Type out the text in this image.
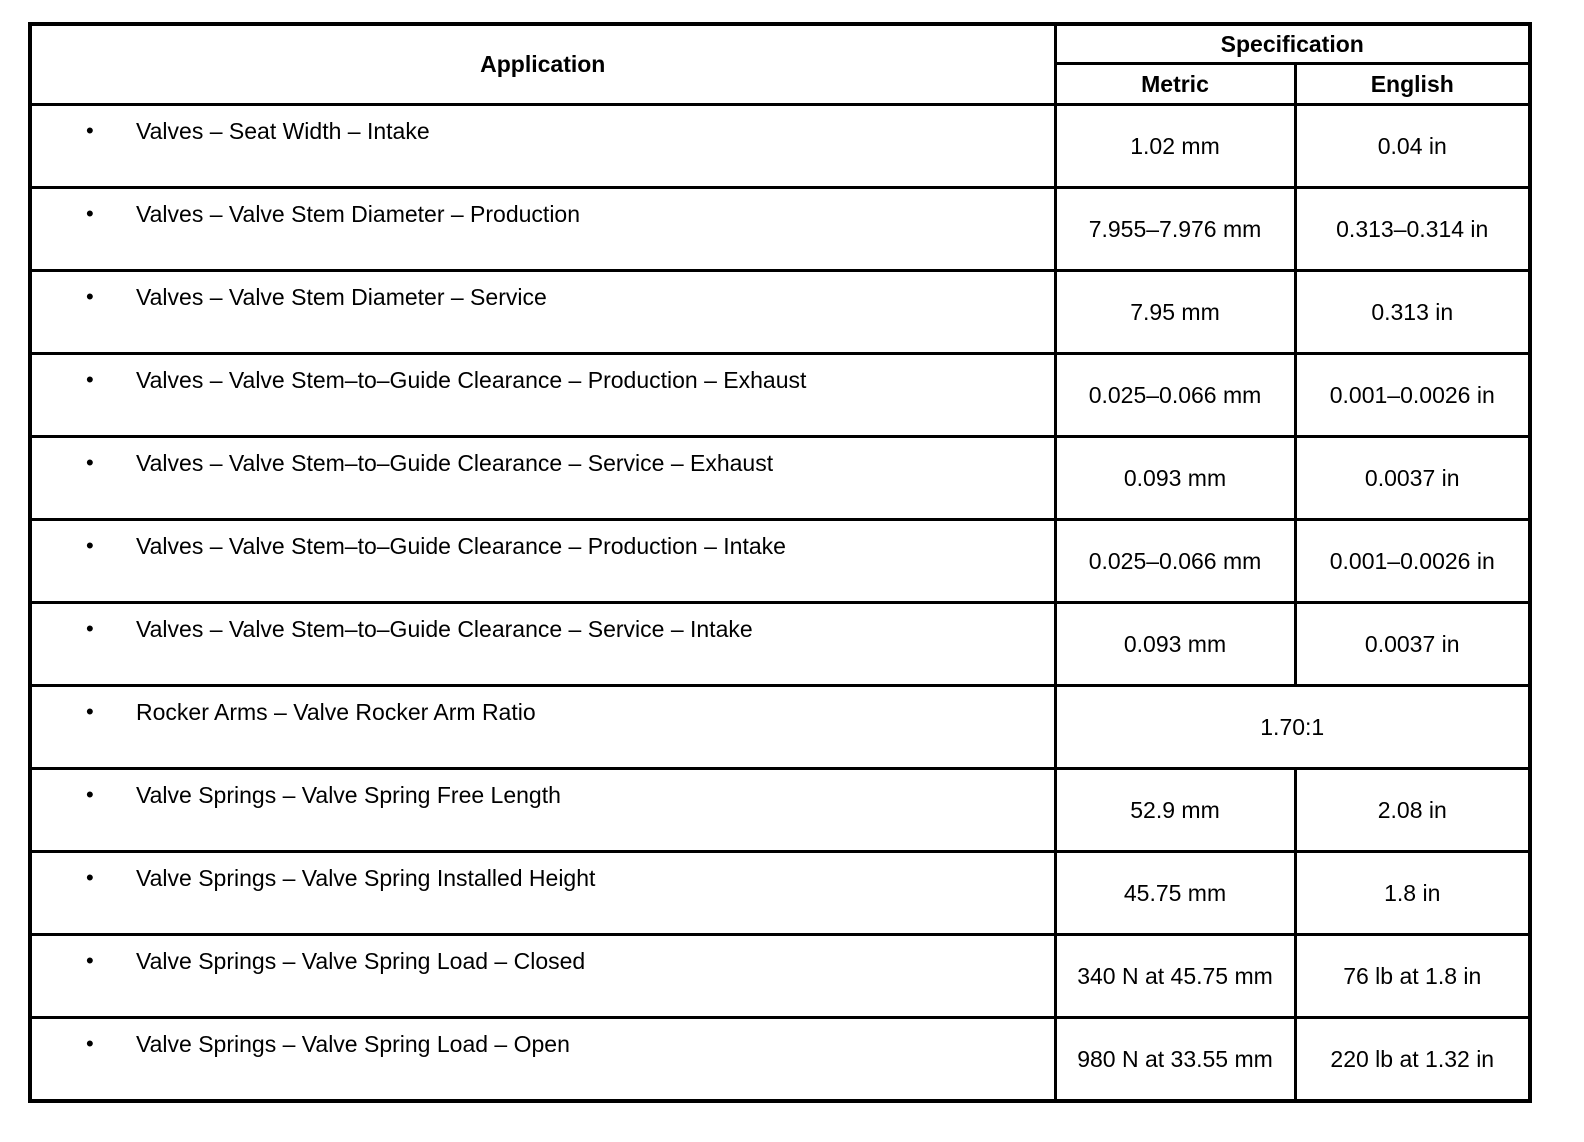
Application	Specification	
	Metric	English

• Valves – Seat Width – Intake	1.02 mm	0.04 in

• Valves – Valve Stem Diameter – Production	7.955–7.976 mm	0.313–0.314 in

• Valves – Valve Stem Diameter – Service	7.95 mm	0.313 in

• Valves – Valve Stem–to–Guide Clearance – Production – Exhaust	0.025–0.066 mm	0.001–0.0026 in

• Valves – Valve Stem–to–Guide Clearance – Service – Exhaust	0.093 mm	0.0037 in

• Valves – Valve Stem–to–Guide Clearance – Production – Intake	0.025–0.066 mm	0.001–0.0026 in

• Valves – Valve Stem–to–Guide Clearance – Service – Intake	0.093 mm	0.0037 in

• Rocker Arms – Valve Rocker Arm Ratio	1.70:1	

• Valve Springs – Valve Spring Free Length	52.9 mm	2.08 in

• Valve Springs – Valve Spring Installed Height	45.75 mm	1.8 in

• Valve Springs – Valve Spring Load – Closed	340 N at 45.75 mm	76 lb at 1.8 in

• Valve Springs – Valve Spring Load – Open	980 N at 33.55 mm	220 lb at 1.32 in
